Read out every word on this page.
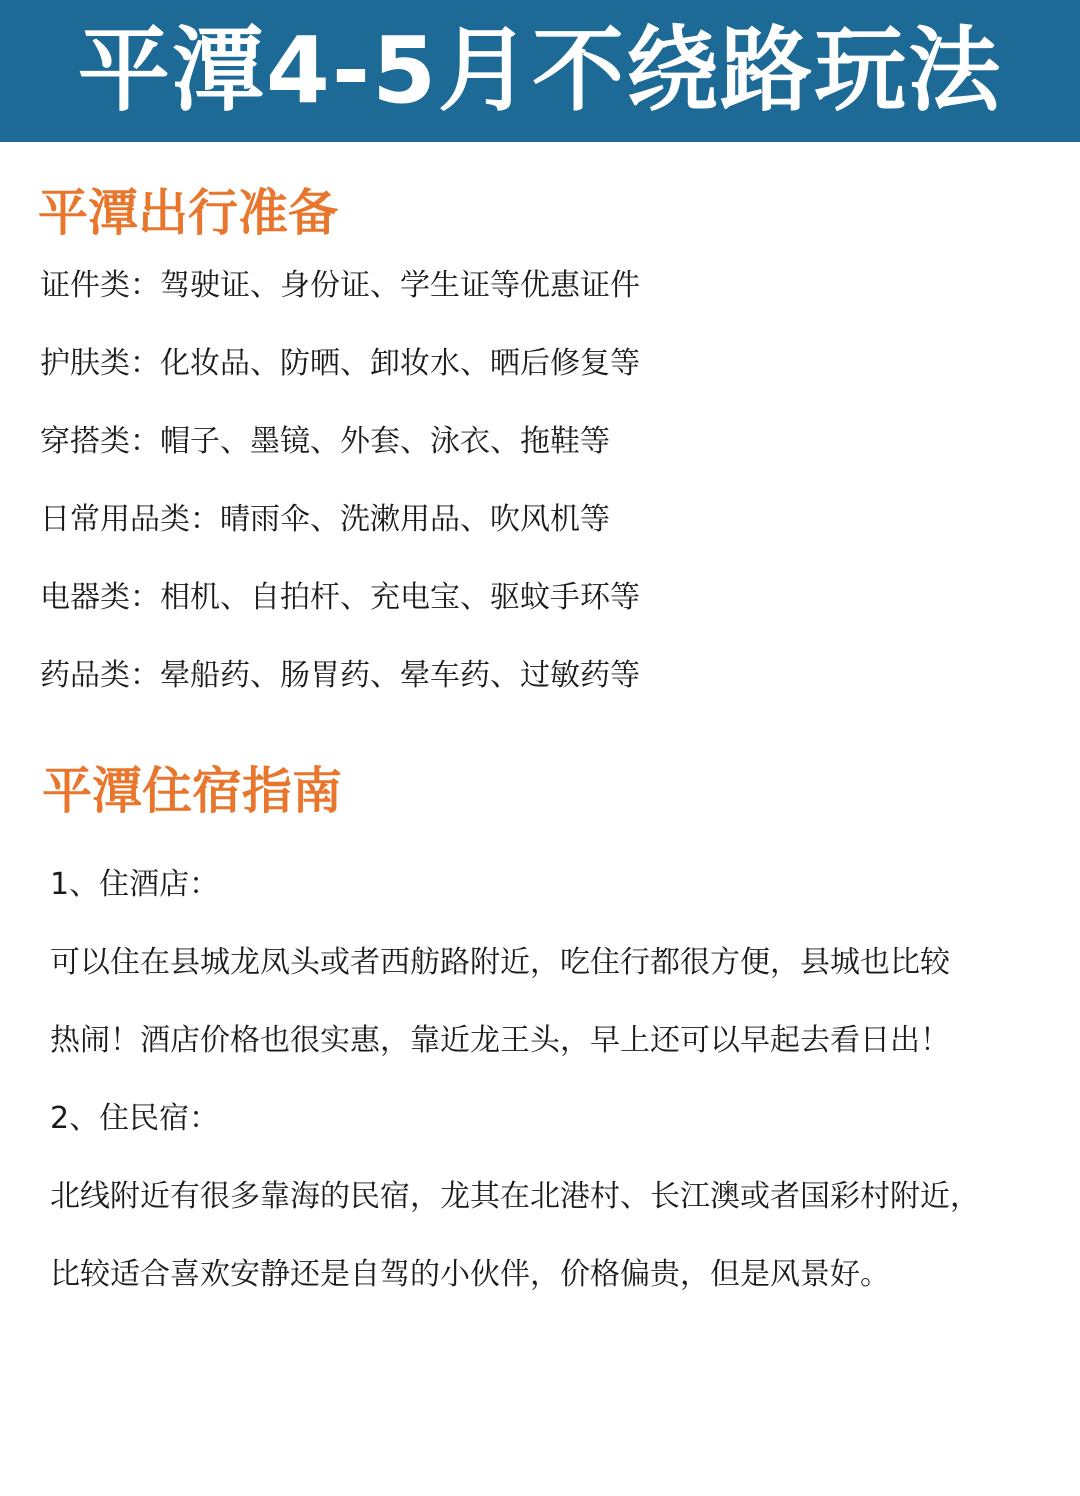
平潭4-5月不绕路玩法
平潭出行准备
证件类：驾驶证、身份证、学生证等优惠证件
护肤类：化妆品、防晒、卸妆水、晒后修复等
穿搭类：帽子、墨镜、外套、泳衣、拖鞋等
日常用品类：晴雨伞、洗漱用品、吹风机等
电器类：相机、自拍杆、充电宝、驱蚊手环等
药品类：晕船药、肠胃药、晕车药、过敏药等
平潭住宿指南
1、住酒店：
可以住在县城龙凤头或者西舫路附近，吃住行都很方便，县城也比较
热闹！酒店价格也很实惠，靠近龙王头，早上还可以早起去看日出！
2、住民宿：
北线附近有很多靠海的民宿，龙其在北港村、长江澳或者国彩村附近，
比较适合喜欢安静还是自驾的小伙伴，价格偏贵，但是风景好。
